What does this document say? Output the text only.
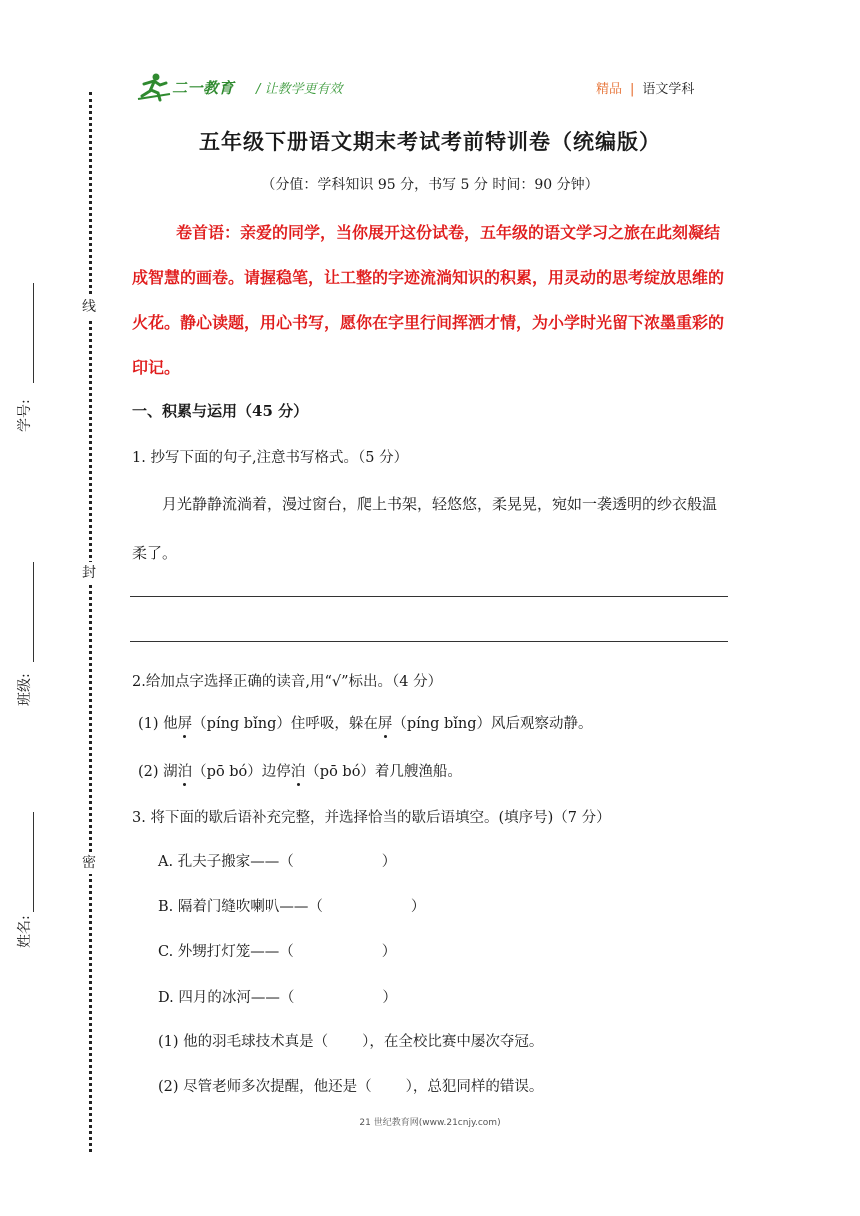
二一教育 / 让教学更有效	精品 | 语文学科
线
封
密
学号:
班级:
姓名:
五年级下册语文期末考试考前特训卷（统编版）
（分值：学科知识 95 分，书写 5 分 时间：90 分钟）
卷首语：亲爱的同学，当你展开这份试卷，五年级的语文学习之旅在此刻凝结成智慧的画卷。请握稳笔，让工整的字迹流淌知识的积累，用灵动的思考绽放思维的火花。静心读题，用心书写，愿你在字里行间挥洒才情，为小学时光留下浓墨重彩的印记。
一、积累与运用（45 分）
1. 抄写下面的句子,注意书写格式。（5 分）
月光静静流淌着，漫过窗台，爬上书架，轻悠悠，柔晃晃，宛如一袭透明的纱衣般温柔了。
2.给加点字选择正确的读音,用“√”标出。（4 分）
(1) 他屏（píng bǐng）住呼吸，躲在屏（píng bǐng）风后观察动静。
(2) 湖泊（pō bó）边停泊（pō bó）着几艘渔船。
3. 将下面的歇后语补充完整，并选择恰当的歇后语填空。(填序号)（7 分）
A. 孔夫子搬家——（	）
B. 隔着门缝吹喇叭——（	）
C. 外甥打灯笼——（	）
D. 四月的冰河——（	）
(1) 他的羽毛球技术真是（ ），在全校比赛中屡次夺冠。
(2) 尽管老师多次提醒，他还是（ ），总犯同样的错误。
21 世纪教育网(www.21cnjy.com)
